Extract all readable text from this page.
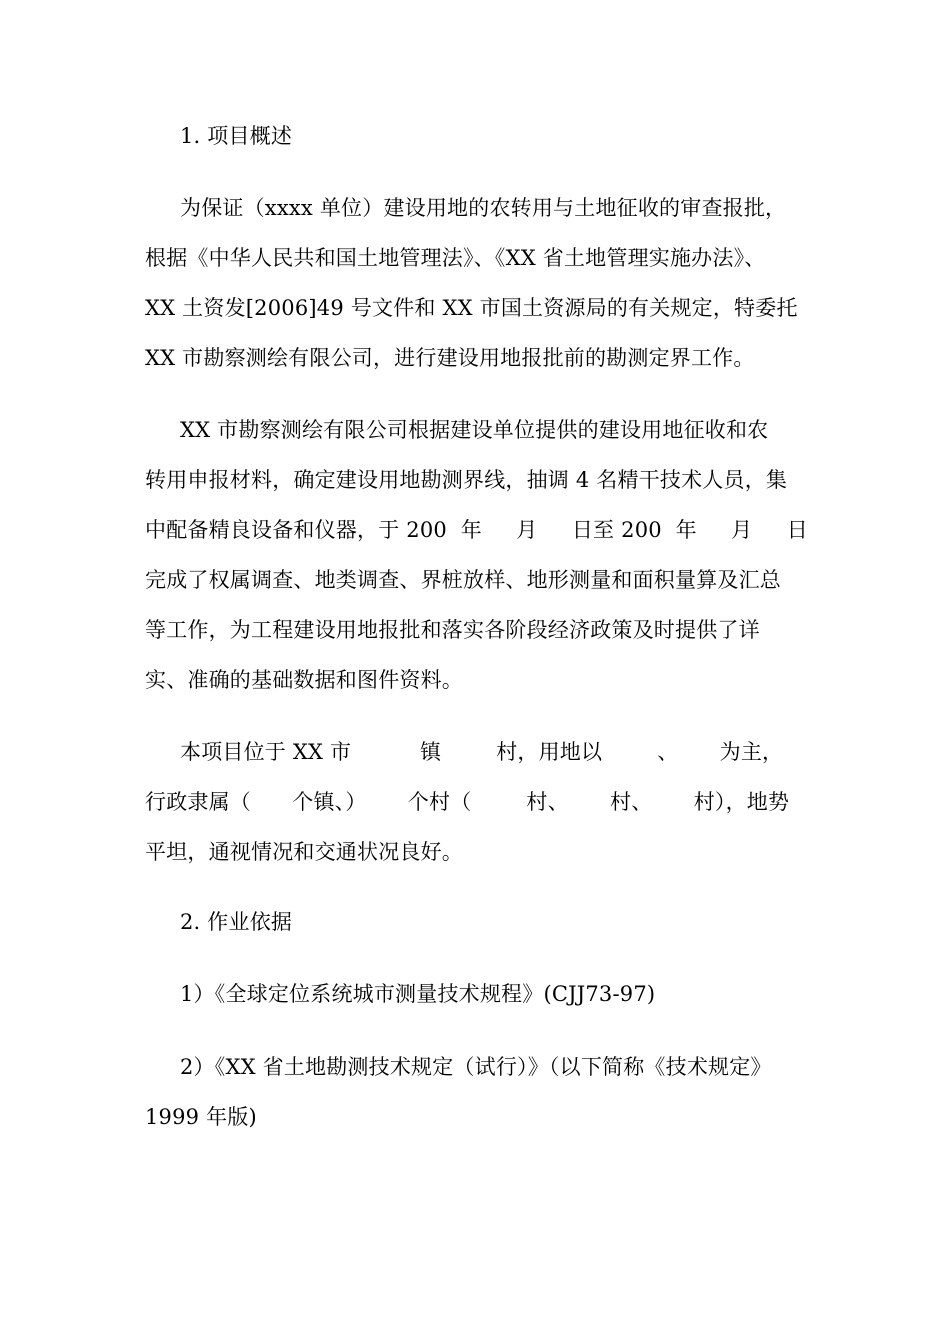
1. 项目概述
为保证（xxxx 单位）建设用地的农转用与土地征收的审查报批，
根据《中华人民共和国土地管理法》、《XX 省土地管理实施办法》、
XX 土资发[2006]49 号文件和 XX 市国土资源局的有关规定，特委托
XX 市勘察测绘有限公司，进行建设用地报批前的勘测定界工作。
XX 市勘察测绘有限公司根据建设单位提供的建设用地征收和农
转用申报材料，确定建设用地勘测界线，抽调 4 名精干技术人员，集
中配备精良设备和仪器，于 200  年     月     日至 200  年     月     日
完成了权属调查、地类调查、界桩放样、地形测量和面积量算及汇总
等工作，为工程建设用地报批和落实各阶段经济政策及时提供了详
实、准确的基础数据和图件资料。
本项目位于 XX 市          镇        村，用地以        、      为主，
行政隶属（      个镇、）      个村（        村、      村、      村），地势
平坦，通视情况和交通状况良好。
2. 作业依据
1）《全球定位系统城市测量技术规程》(CJJ73-97)
2）《XX 省土地勘测技术规定（试行）》（以下简称《技术规定》
1999 年版)
